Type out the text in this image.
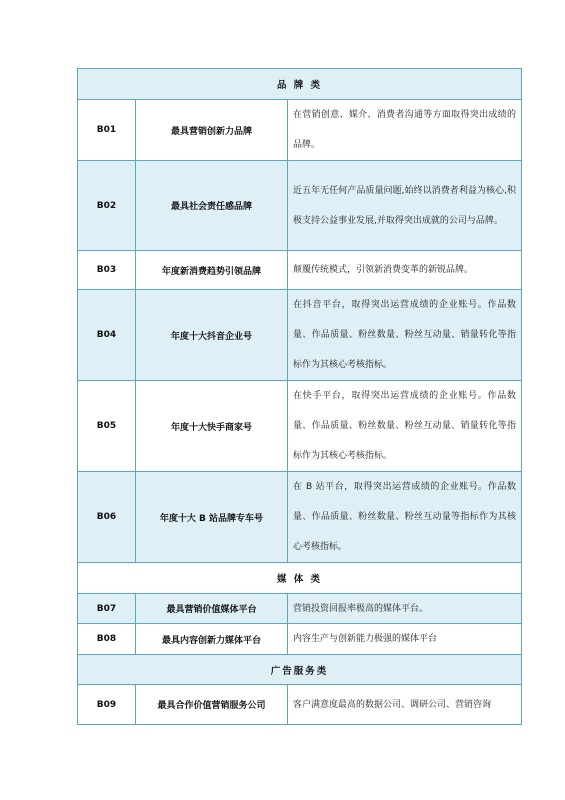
品 牌 类		
B01	最具营销创新力品牌	在营销创意、媒介、消费者沟通等方面取得突出成绩的品牌。
B02	最具社会责任感品牌	近五年无任何产品质量问题,始终以消费者利益为核心,积极支持公益事业发展,并取得突出成就的公司与品牌。
B03	年度新消费趋势引领品牌	颠覆传统模式，引领新消费变革的新锐品牌。
B04	年度十大抖音企业号	在抖音平台，取得突出运营成绩的企业账号。作品数量、作品质量、粉丝数量、粉丝互动量、销量转化等指标作为其核心考核指标。
B05	年度十大快手商家号	在快手平台，取得突出运营成绩的企业账号。作品数量、作品质量、粉丝数量、粉丝互动量、销量转化等指标作为其核心考核指标。
B06	年度十大 B 站品牌专车号	在 B 站平台，取得突出运营成绩的企业账号。作品数量、作品质量、粉丝数量、粉丝互动量等指标作为其核心考核指标。
媒 体 类		
B07	最具营销价值媒体平台	营销投资回报率极高的媒体平台。
B08	最具内容创新力媒体平台	内容生产与创新能力极强的媒体平台
广告服务类		
B09	最具合作价值营销服务公司	客户满意度最高的数据公司、调研公司、营销咨询
